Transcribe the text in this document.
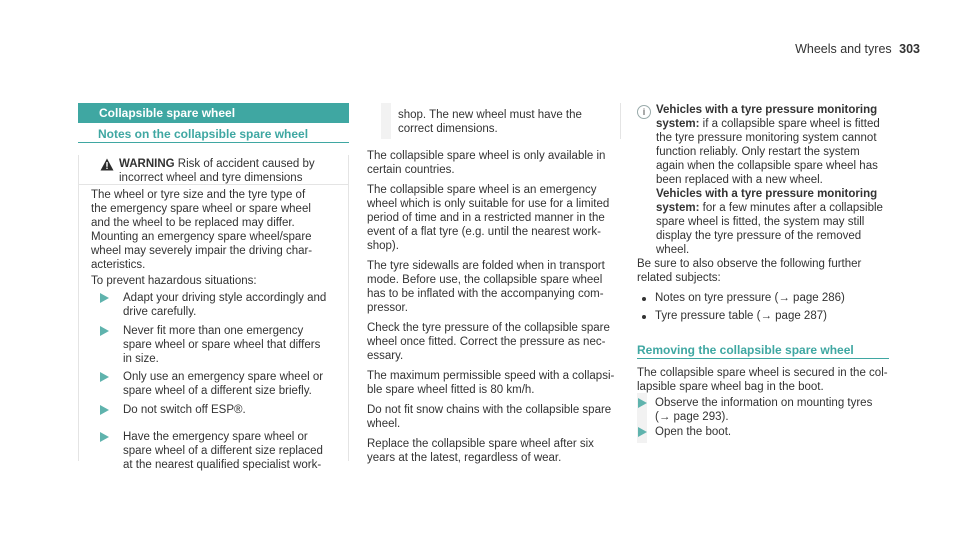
Wheels and tyres 303
Collapsible spare wheel
Notes on the collapsible spare wheel
WARNING Risk of accident caused by
incorrect wheel and tyre dimensions
The wheel or tyre size and the tyre type of
the emergency spare wheel or spare wheel
and the wheel to be replaced may differ.
Mounting an emergency spare wheel/spare
wheel may severely impair the driving char-
acteristics.
To prevent hazardous situations:
Adapt your driving style accordingly and
drive carefully.
Never fit more than one emergency
spare wheel or spare wheel that differs
in size.
Only use an emergency spare wheel or
spare wheel of a different size briefly.
Do not switch off ESP®.
Have the emergency spare wheel or
spare wheel of a different size replaced
at the nearest qualified specialist work-
shop. The new wheel must have the
correct dimensions.
The collapsible spare wheel is only available in
certain countries.
The collapsible spare wheel is an emergency
wheel which is only suitable for use for a limited
period of time and in a restricted manner in the
event of a flat tyre (e.g. until the nearest work-
shop).
The tyre sidewalls are folded when in transport
mode. Before use, the collapsible spare wheel
has to be inflated with the accompanying com-
pressor.
Check the tyre pressure of the collapsible spare
wheel once fitted. Correct the pressure as nec-
essary.
The maximum permissible speed with a collapsi-
ble spare wheel fitted is 80 km/h.
Do not fit snow chains with the collapsible spare
wheel.
Replace the collapsible spare wheel after six
years at the latest, regardless of wear.
i Vehicles with a tyre pressure monitoring
system: if a collapsible spare wheel is fitted
the tyre pressure monitoring system cannot
function reliably. Only restart the system
again when the collapsible spare wheel has
been replaced with a new wheel.
Vehicles with a tyre pressure monitoring
system: for a few minutes after a collapsible
spare wheel is fitted, the system may still
display the tyre pressure of the removed
wheel.
Be sure to also observe the following further
related subjects:
Notes on tyre pressure (→ page 286)
Tyre pressure table (→ page 287)
Removing the collapsible spare wheel
The collapsible spare wheel is secured in the col-
lapsible spare wheel bag in the boot.
Observe the information on mounting tyres
(→ page 293).
Open the boot.
